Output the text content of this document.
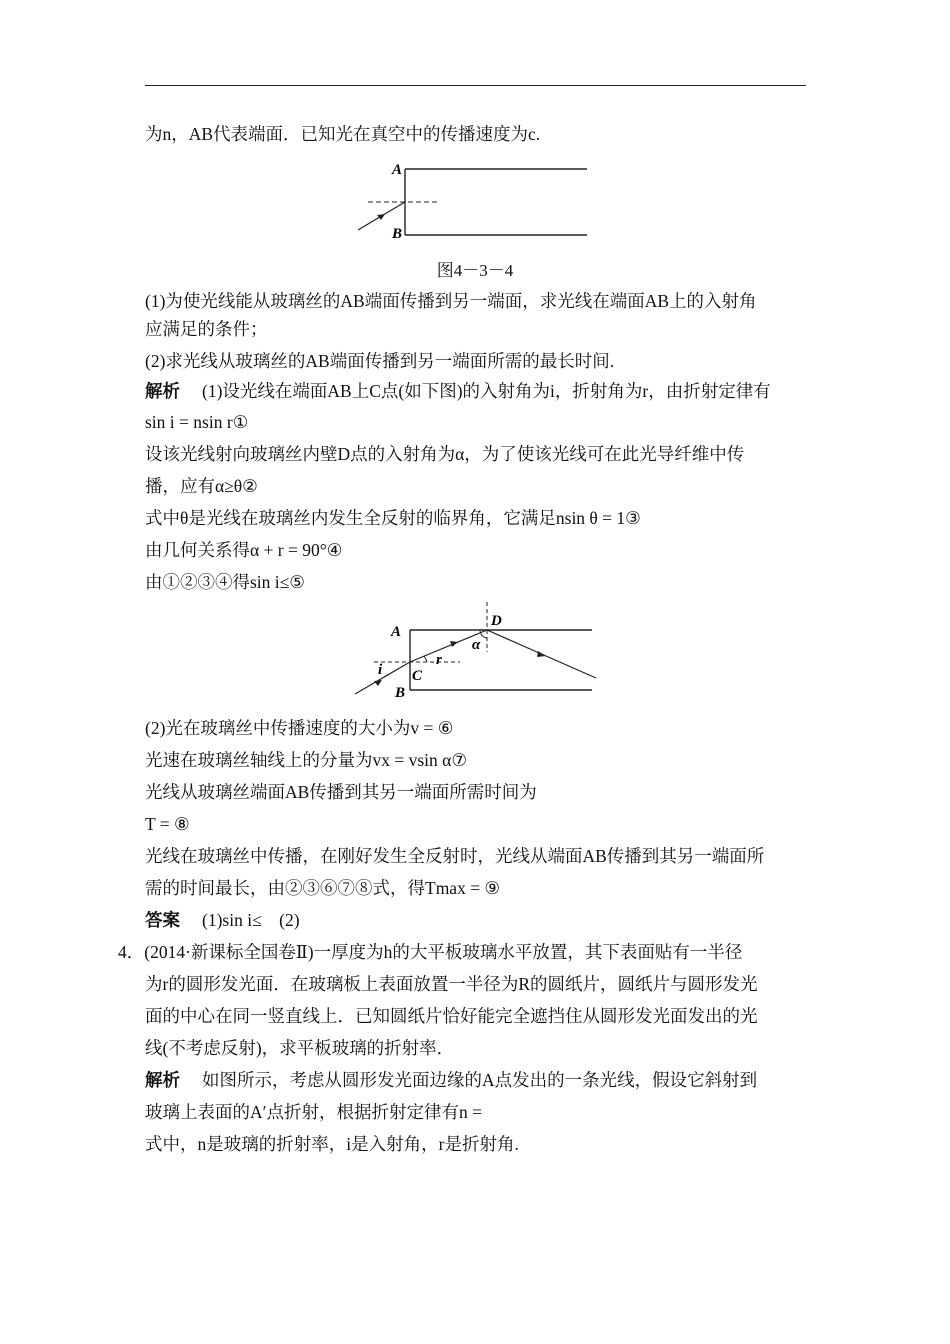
为n，AB代表端面．已知光在真空中的传播速度为c.
A
B
图4－3－4
(1)为使光线能从玻璃丝的AB端面传播到另一端面，求光线在端面AB上的入射角
应满足的条件；
(2)求光线从玻璃丝的AB端面传播到另一端面所需的最长时间.
解析 (1)设光线在端面AB上C点(如下图)的入射角为i，折射角为r，由折射定律有
sin i = nsin r①
设该光线射向玻璃丝内壁D点的入射角为α，为了使该光线可在此光导纤维中传
播，应有α≥θ②
式中θ是光线在玻璃丝内发生全反射的临界角，它满足nsin θ = 1③
由几何关系得α + r = 90°④
由①②③④得sin i≤⑤
A
B
C
D
α
i
r
(2)光在玻璃丝中传播速度的大小为v = ⑥
光速在玻璃丝轴线上的分量为vx = vsin α⑦
光线从玻璃丝端面AB传播到其另一端面所需时间为
T = ⑧
光线在玻璃丝中传播，在刚好发生全反射时，光线从端面AB传播到其另一端面所
需的时间最长，由②③⑥⑦⑧式，得Tmax = ⑨
答案 (1)sin i≤　(2)
4．(2014·新课标全国卷Ⅱ)一厚度为h的大平板玻璃水平放置，其下表面贴有一半径
为r的圆形发光面．在玻璃板上表面放置一半径为R的圆纸片，圆纸片与圆形发光
面的中心在同一竖直线上．已知圆纸片恰好能完全遮挡住从圆形发光面发出的光
线(不考虑反射)，求平板玻璃的折射率．
解析 如图所示，考虑从圆形发光面边缘的A点发出的一条光线，假设它斜射到
玻璃上表面的A′点折射，根据折射定律有n =
式中，n是玻璃的折射率，i是入射角，r是折射角.
